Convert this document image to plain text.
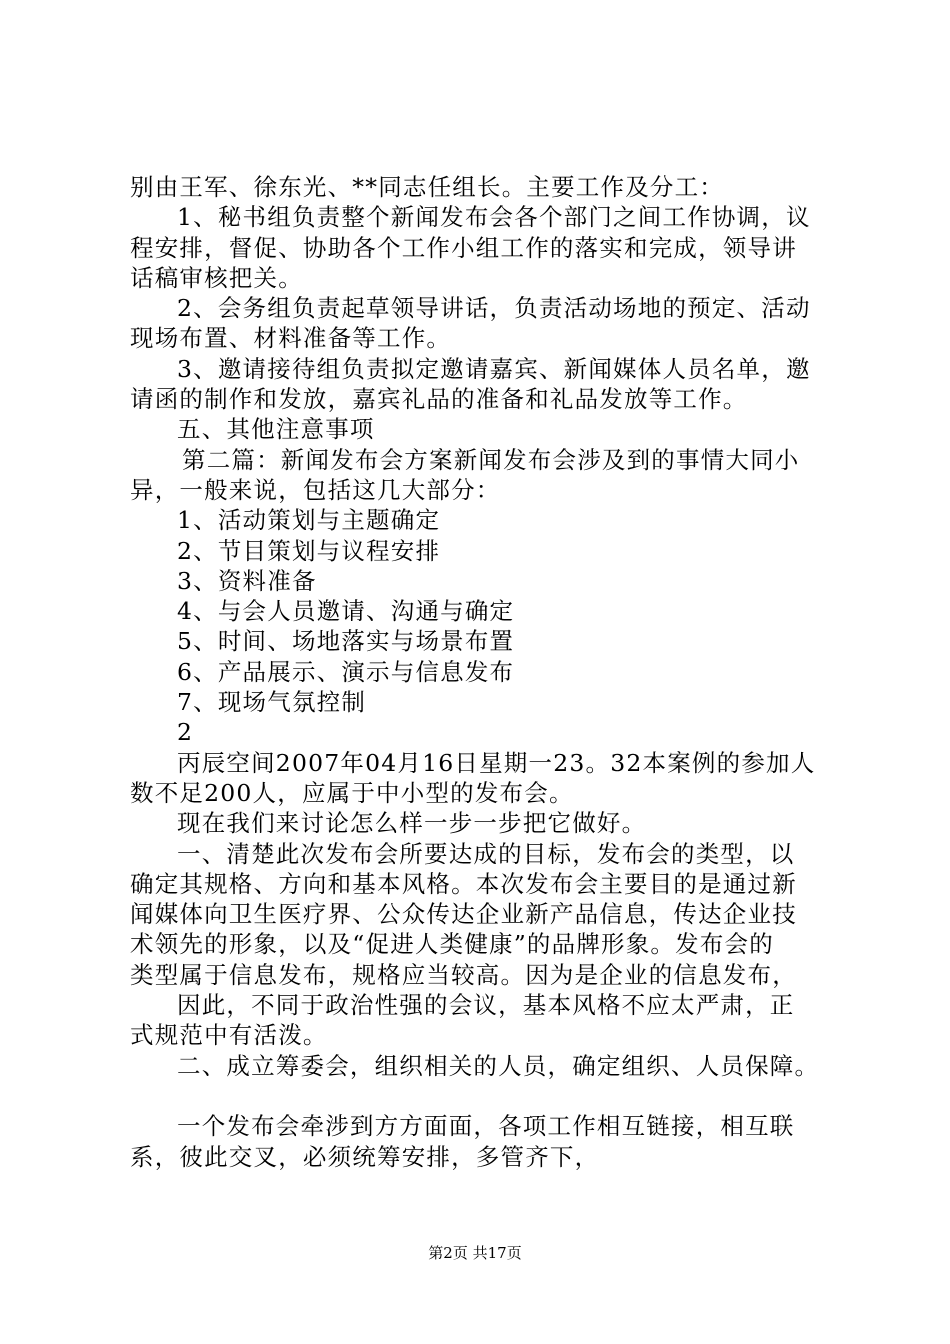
别由王军、徐东光、**同志任组长。主要工作及分工：
1、秘书组负责整个新闻发布会各个部门之间工作协调，议
程安排，督促、协助各个工作小组工作的落实和完成，领导讲
话稿审核把关。
2、会务组负责起草领导讲话，负责活动场地的预定、活动
现场布置、材料准备等工作。
3、邀请接待组负责拟定邀请嘉宾、新闻媒体人员名单，邀
请函的制作和发放，嘉宾礼品的准备和礼品发放等工作。
五、其他注意事项
第二篇：新闻发布会方案新闻发布会涉及到的事情大同小
异，一般来说，包括这几大部分：
1、活动策划与主题确定
2、节目策划与议程安排
3、资料准备
4、与会人员邀请、沟通与确定
5、时间、场地落实与场景布置
6、产品展示、演示与信息发布
7、现场气氛控制
2
丙辰空间2007年04月16日星期一23。32本案例的参加人
数不足200人，应属于中小型的发布会。
现在我们来讨论怎么样一步一步把它做好。
一、清楚此次发布会所要达成的目标，发布会的类型，以
确定其规格、方向和基本风格。本次发布会主要目的是通过新
闻媒体向卫生医疗界、公众传达企业新产品信息，传达企业技
术领先的形象，以及“促进人类健康”的品牌形象。发布会的
类型属于信息发布，规格应当较高。因为是企业的信息发布，
因此，不同于政治性强的会议，基本风格不应太严肃，正
式规范中有活泼。
二、成立筹委会，组织相关的人员，确定组织、人员保障。
一个发布会牵涉到方方面面，各项工作相互链接，相互联
系，彼此交叉，必须统筹安排，多管齐下，
第2页 共17页
